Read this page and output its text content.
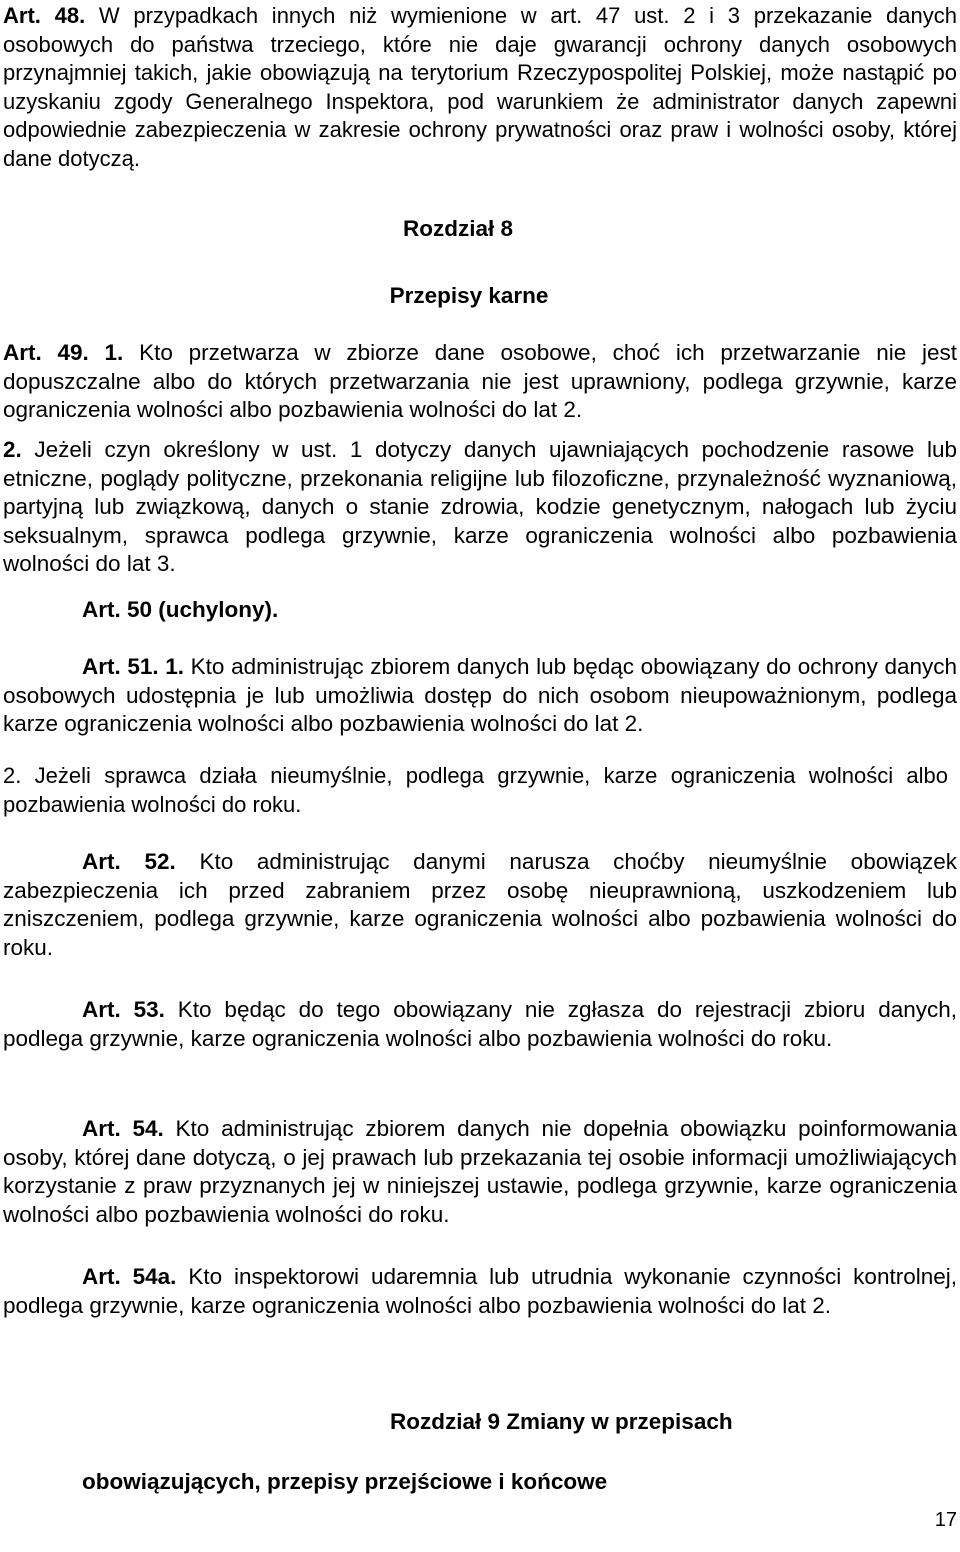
Art. 48. W przypadkach innych niż wymienione w art. 47 ust. 2 i 3 przekazanie danych osobowych do państwa trzeciego, które nie daje gwarancji ochrony danych osobowych przynajmniej takich, jakie obowiązują na terytorium Rzeczypospolitej Polskiej, może nastąpić po uzyskaniu zgody Generalnego Inspektora, pod warunkiem że administrator danych zapewni odpowiednie zabezpieczenia w zakresie ochrony prywatności oraz praw i wolności osoby, której dane dotyczą.

Rozdział 8

Przepisy karne

Art. 49. 1. Kto przetwarza w zbiorze dane osobowe, choć ich przetwarzanie nie jest dopuszczalne albo do których przetwarzania nie jest uprawniony, podlega grzywnie, karze ograniczenia wolności albo pozbawienia wolności do lat 2.

2. Jeżeli czyn określony w ust. 1 dotyczy danych ujawniających pochodzenie rasowe lub etniczne, poglądy polityczne, przekonania religijne lub filozoficzne, przynależność wyznaniową, partyjną lub związkową, danych o stanie zdrowia, kodzie genetycznym, nałogach lub życiu seksualnym, sprawca podlega grzywnie, karze ograniczenia wolności albo pozbawienia wolności do lat 3.

Art. 50 (uchylony).

Art. 51. 1. Kto administrując zbiorem danych lub będąc obowiązany do ochrony danych osobowych udostępnia je lub umożliwia dostęp do nich osobom nieupoważnionym, podlega karze ograniczenia wolności albo pozbawienia wolności do lat 2.

2. Jeżeli sprawca działa nieumyślnie, podlega grzywnie, karze ograniczenia wolności albo pozbawienia wolności do roku.

Art. 52. Kto administrując danymi narusza choćby nieumyślnie obowiązek zabezpieczenia ich przed zabraniem przez osobę nieuprawnioną, uszkodzeniem lub zniszczeniem, podlega grzywnie, karze ograniczenia wolności albo pozbawienia wolności do roku.

Art. 53. Kto będąc do tego obowiązany nie zgłasza do rejestracji zbioru danych, podlega grzywnie, karze ograniczenia wolności albo pozbawienia wolności do roku.

Art. 54. Kto administrując zbiorem danych nie dopełnia obowiązku poinformowania osoby, której dane dotyczą, o jej prawach lub przekazania tej osobie informacji umożliwiających korzystanie z praw przyznanych jej w niniejszej ustawie, podlega grzywnie, karze ograniczenia wolności albo pozbawienia wolności do roku.

Art. 54a. Kto inspektorowi udaremnia lub utrudnia wykonanie czynności kontrolnej, podlega grzywnie, karze ograniczenia wolności albo pozbawienia wolności do lat 2.

Rozdział 9 Zmiany w przepisach

obowiązujących, przepisy przejściowe i końcowe

17
